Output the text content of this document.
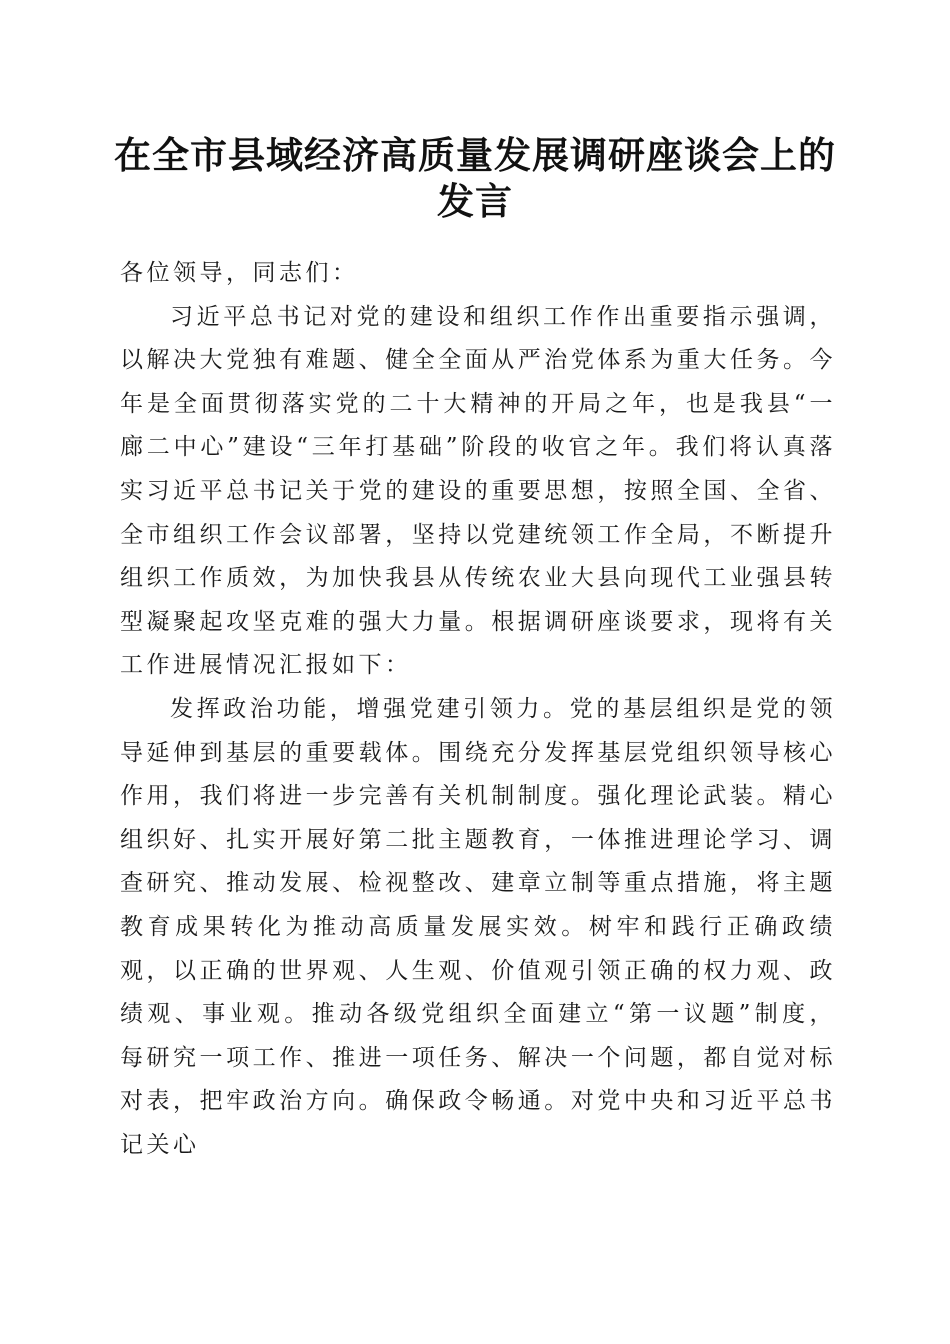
在全市县域经济高质量发展调研座谈会上的发言

各位领导，同志们：

习近平总书记对党的建设和组织工作作出重要指示强调，以解决大党独有难题、健全全面从严治党体系为重大任务。今年是全面贯彻落实党的二十大精神的开局之年，也是我县“一廊二中心”建设“三年打基础”阶段的收官之年。我们将认真落实习近平总书记关于党的建设的重要思想，按照全国、全省、全市组织工作会议部署，坚持以党建统领工作全局，不断提升组织工作质效，为加快我县从传统农业大县向现代工业强县转型凝聚起攻坚克难的强大力量。根据调研座谈要求，现将有关工作进展情况汇报如下：

发挥政治功能，增强党建引领力。党的基层组织是党的领导延伸到基层的重要载体。围绕充分发挥基层党组织领导核心作用，我们将进一步完善有关机制制度。强化理论武装。精心组织好、扎实开展好第二批主题教育，一体推进理论学习、调查研究、推动发展、检视整改、建章立制等重点措施，将主题教育成果转化为推动高质量发展实效。树牢和践行正确政绩观，以正确的世界观、人生观、价值观引领正确的权力观、政绩观、事业观。推动各级党组织全面建立“第一议题”制度，每研究一项工作、推进一项任务、解决一个问题，都自觉对标对表，把牢政治方向。确保政令畅通。对党中央和习近平总书记关心
